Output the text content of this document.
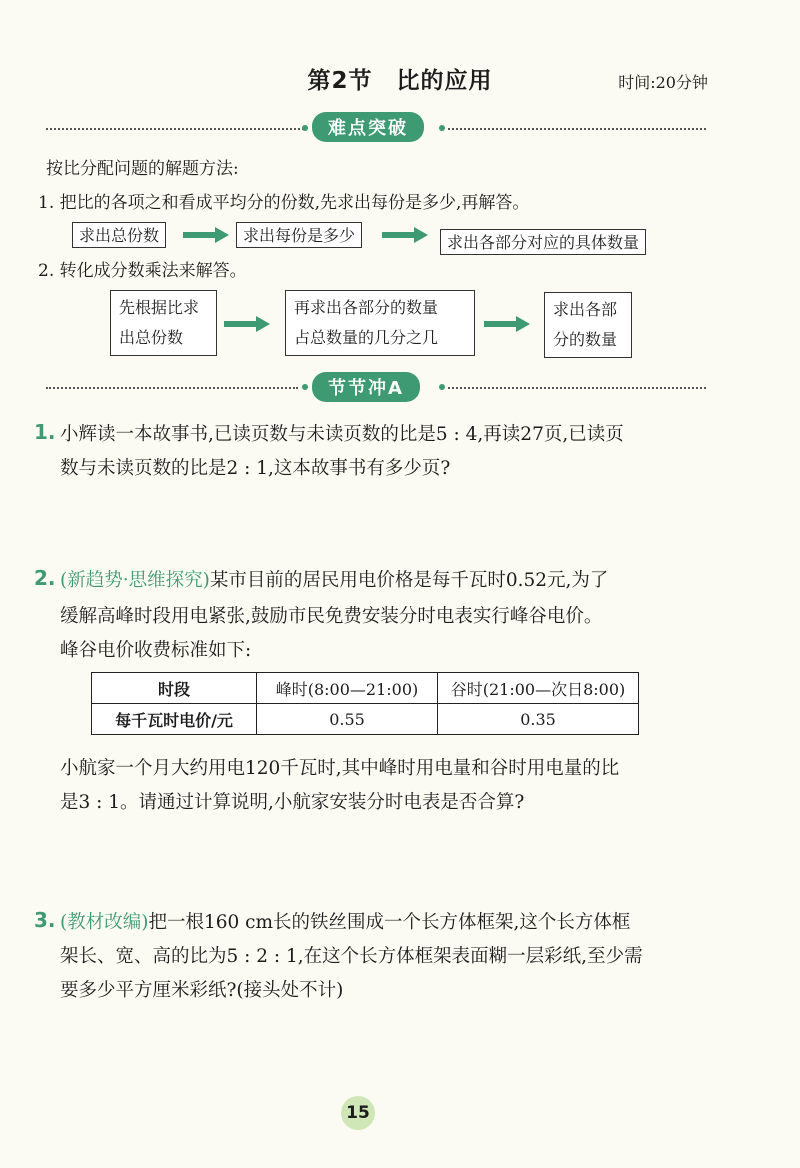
第2节　比的应用	时间:20分钟
难点突破
按比分配问题的解题方法:
1. 把比的各项之和看成平均分的份数,先求出每份是多少,再解答。
求出总份数	求出每份是多少	求出各部分对应的具体数量
2. 转化成分数乘法来解答。
先根据比求
出总份数
再求出各部分的数量
占总数量的几分之几
求出各部
分的数量
节节冲A
1. 小辉读一本故事书,已读页数与未读页数的比是5 : 4,再读27页,已读页
数与未读页数的比是2 : 1,这本故事书有多少页?
2. (新趋势·思维探究)某市目前的居民用电价格是每千瓦时0.52元,为了
缓解高峰时段用电紧张,鼓励市民免费安装分时电表实行峰谷电价。
峰谷电价收费标准如下:
时段	峰时(8:00—21:00)	谷时(21:00—次日8:00)
每千瓦时电价/元	0.55	0.35
小航家一个月大约用电120千瓦时,其中峰时用电量和谷时用电量的比
是3 : 1。请通过计算说明,小航家安装分时电表是否合算?
3. (教材改编)把一根160 cm长的铁丝围成一个长方体框架,这个长方体框
架长、宽、高的比为5 : 2 : 1,在这个长方体框架表面糊一层彩纸,至少需
要多少平方厘米彩纸?(接头处不计)
15
